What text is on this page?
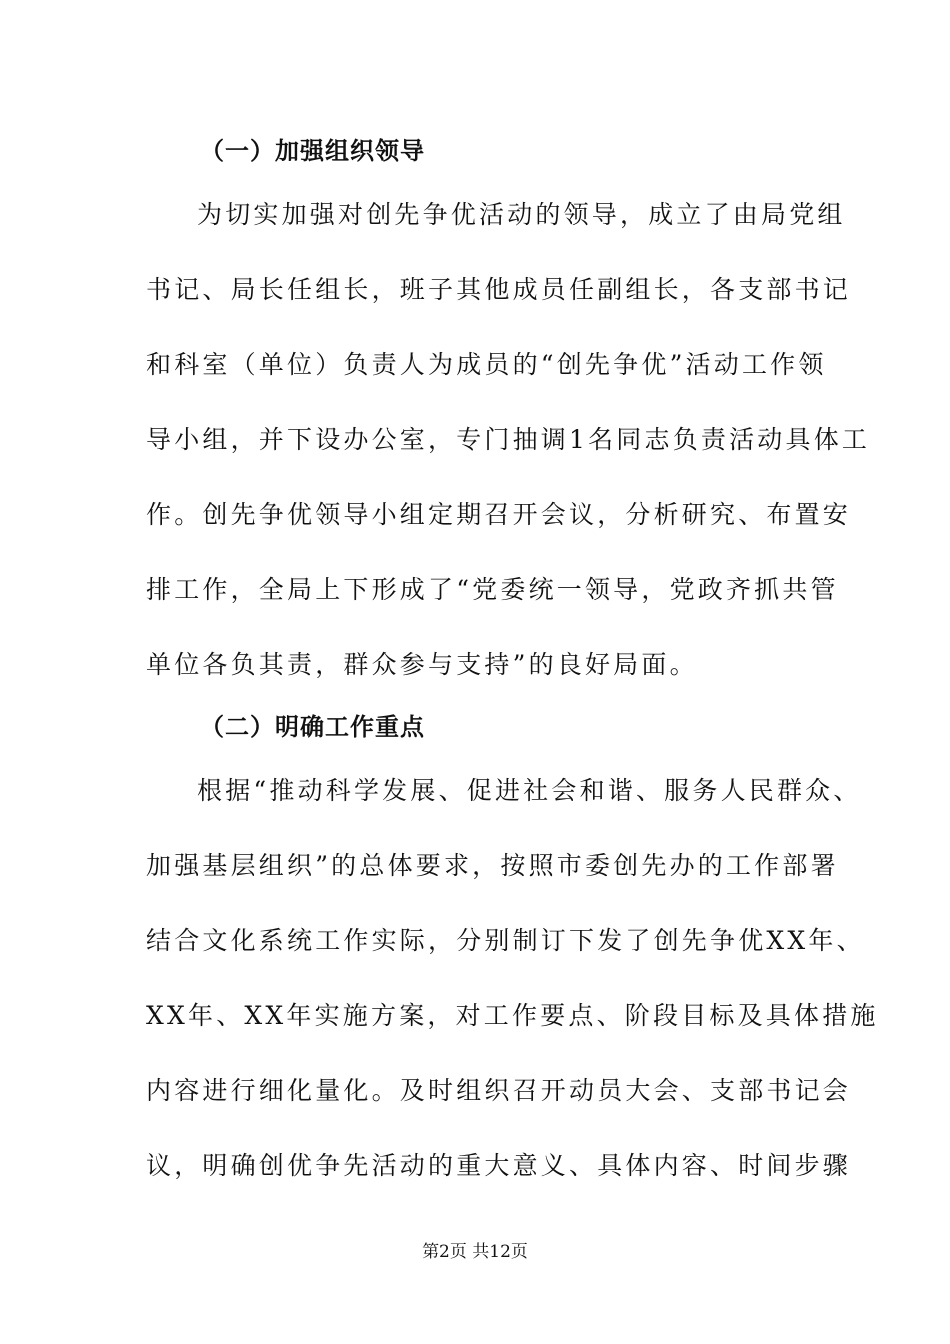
（一）加强组织领导
为切实加强对创先争优活动的领导，成立了由局党组
书记、局长任组长，班子其他成员任副组长，各支部书记
和科室（单位）负责人为成员的“创先争优”活动工作领
导小组，并下设办公室，专门抽调1名同志负责活动具体工
作。创先争优领导小组定期召开会议，分析研究、布置安
排工作，全局上下形成了“党委统一领导，党政齐抓共管
单位各负其责，群众参与支持”的良好局面。
（二）明确工作重点
根据“推动科学发展、促进社会和谐、服务人民群众、
加强基层组织”的总体要求，按照市委创先办的工作部署
结合文化系统工作实际，分别制订下发了创先争优XX年、
XX年、XX年实施方案，对工作要点、阶段目标及具体措施
内容进行细化量化。及时组织召开动员大会、支部书记会
议，明确创优争先活动的重大意义、具体内容、时间步骤
第2页 共12页
